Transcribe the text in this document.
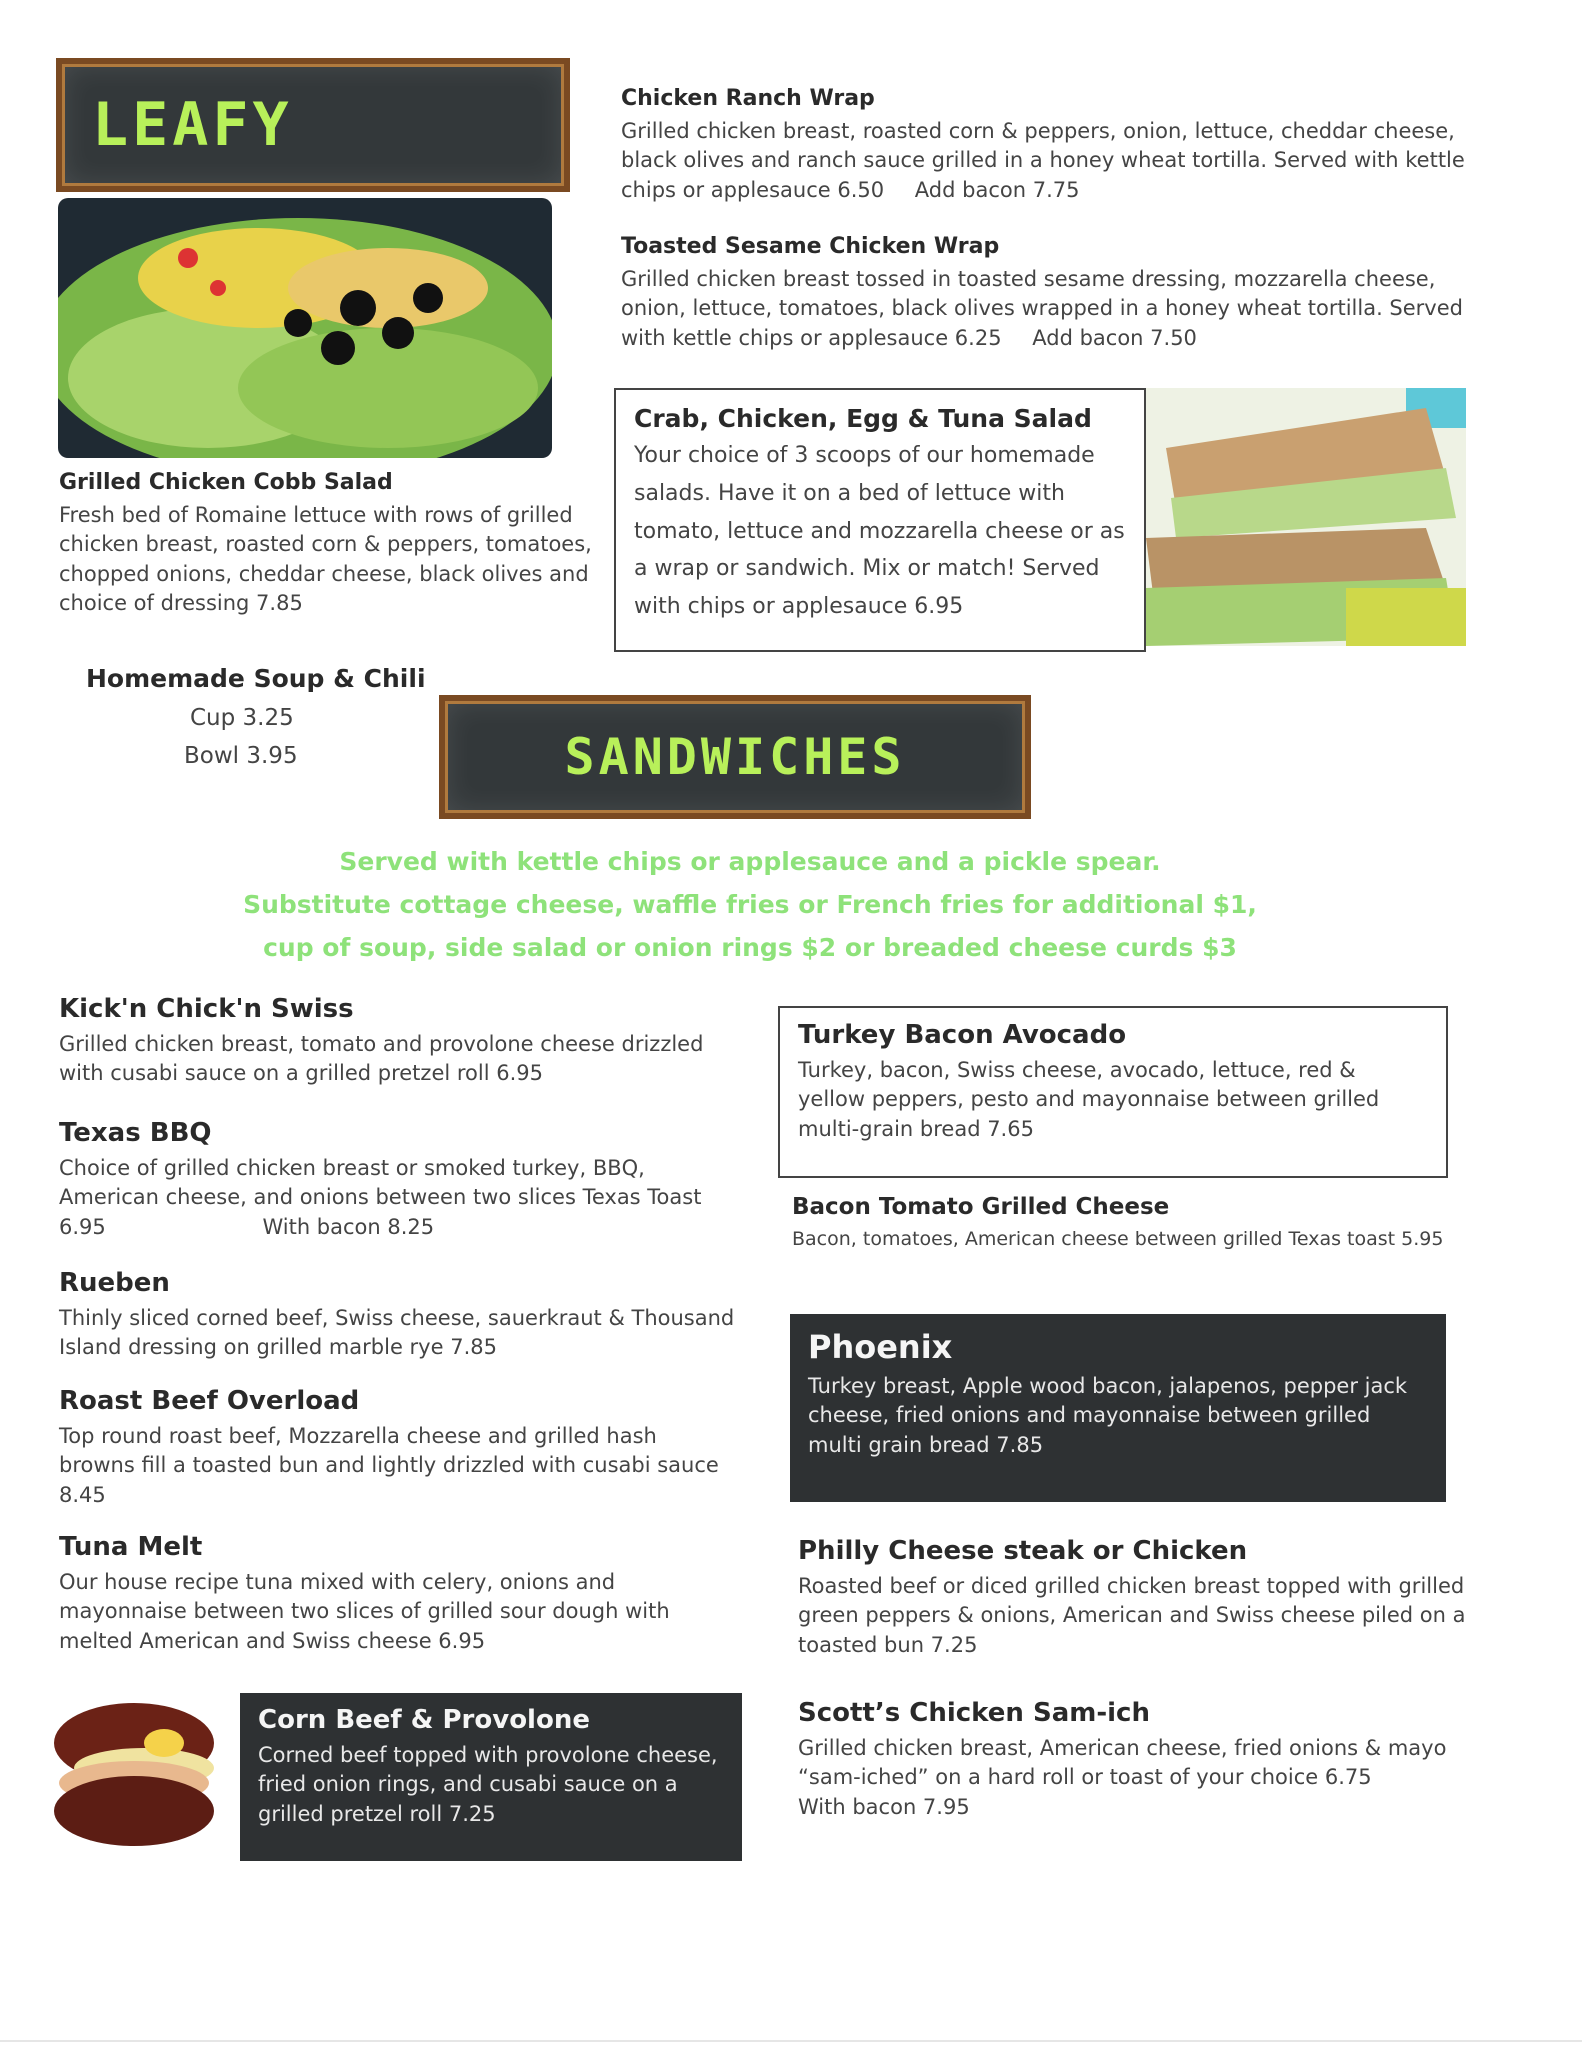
LEAFY
Grilled Chicken Cobb Salad
Fresh bed of Romaine lettuce with rows of grilled chicken breast, roasted corn & peppers, tomatoes, chopped onions, cheddar cheese, black olives and choice of dressing 7.85
Chicken Ranch Wrap
Grilled chicken breast, roasted corn & peppers, onion, lettuce, cheddar cheese, black olives and ranch sauce grilled in a honey wheat tortilla. Served with kettle chips or applesauce 6.50 Add bacon 7.75
Toasted Sesame Chicken Wrap
Grilled chicken breast tossed in toasted sesame dressing, mozzarella cheese, onion, lettuce, tomatoes, black olives wrapped in a honey wheat tortilla. Served with kettle chips or applesauce 6.25 Add bacon 7.50
Crab, Chicken, Egg & Tuna Salad
Your choice of 3 scoops of our homemade salads. Have it on a bed of lettuce with tomato, lettuce and mozzarella cheese or as a wrap or sandwich. Mix or match! Served with chips or applesauce 6.95
Homemade Soup & Chili
Cup 3.25
Bowl 3.95	SANDWICHES
Served with kettle chips or applesauce and a pickle spear.
Substitute cottage cheese, waffle fries or French fries for additional $1,
cup of soup, side salad or onion rings $2 or breaded cheese curds $3
Kick'n Chick'n Swiss
Grilled chicken breast, tomato and provolone cheese drizzled with cusabi sauce on a grilled pretzel roll 6.95
Texas BBQ
Choice of grilled chicken breast or smoked turkey, BBQ, American cheese, and onions between two slices Texas Toast 6.95	With bacon 8.25
Rueben
Thinly sliced corned beef, Swiss cheese, sauerkraut & Thousand Island dressing on grilled marble rye 7.85
Roast Beef Overload
Top round roast beef, Mozzarella cheese and grilled hash browns fill a toasted bun and lightly drizzled with cusabi sauce 8.45
Tuna Melt
Our house recipe tuna mixed with celery, onions and mayonnaise between two slices of grilled sour dough with melted American and Swiss cheese 6.95
Corn Beef & Provolone
Corned beef topped with provolone cheese, fried onion rings, and cusabi sauce on a grilled pretzel roll 7.25
Turkey Bacon Avocado
Turkey, bacon, Swiss cheese, avocado, lettuce, red & yellow peppers, pesto and mayonnaise between grilled multi-grain bread 7.65
Bacon Tomato Grilled Cheese
Bacon, tomatoes, American cheese between grilled Texas toast 5.95
Phoenix
Turkey breast, Apple wood bacon, jalapenos, pepper jack cheese, fried onions and mayonnaise between grilled multi grain bread 7.85
Philly Cheese steak or Chicken
Roasted beef or diced grilled chicken breast topped with grilled green peppers & onions, American and Swiss cheese piled on a toasted bun 7.25
Scott’s Chicken Sam-ich
Grilled chicken breast, American cheese, fried onions & mayo “sam-iched” on a hard roll or toast of your choice 6.75
With bacon 7.95
